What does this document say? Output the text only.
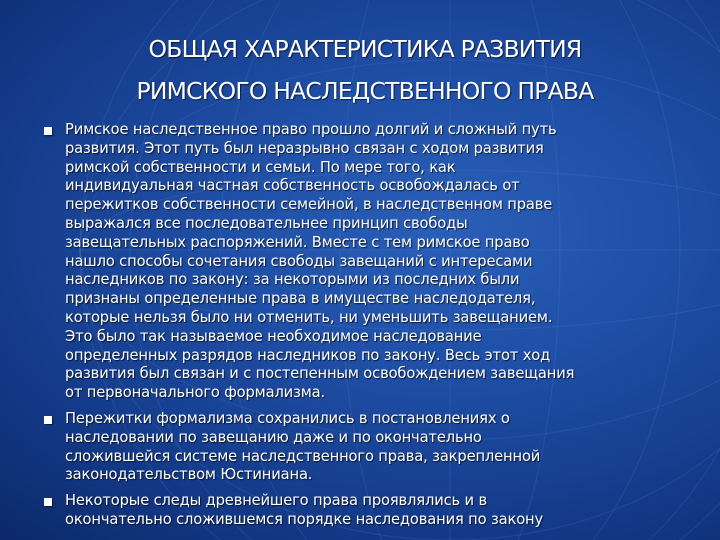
ОБЩАЯ ХАРАКТЕРИСТИКА РАЗВИТИЯ
РИМСКОГО НАСЛЕДСТВЕННОГО ПРАВА
Римское наследственное право прошло долгий и сложный путь
развития. Этот путь был неразрывно связан с ходом развития
римской собственности и семьи. По мере того, как
индивидуальная частная собственность освобождалась от
пережитков собственности семейной, в наследственном праве
выражался все последовательнее принцип свободы
завещательных распоряжений. Вместе с тем римское право
нашло способы сочетания свободы завещаний с интересами
наследников по закону: за некоторыми из последних были
признаны определенные права в имуществе наследодателя,
которые нельзя было ни отменить, ни уменьшить завещанием.
Это было так называемое необходимое наследование
определенных разрядов наследников по закону. Весь этот ход
развития был связан и с постепенным освобождением завещания
от первоначального формализма.
Пережитки формализма сохранились в постановлениях о
наследовании по завещанию даже и по окончательно
сложившейся системе наследственного права, закрепленной
законодательством Юстиниана.
Некоторые следы древнейшего права проявлялись и в
окончательно сложившемся порядке наследования по закону
